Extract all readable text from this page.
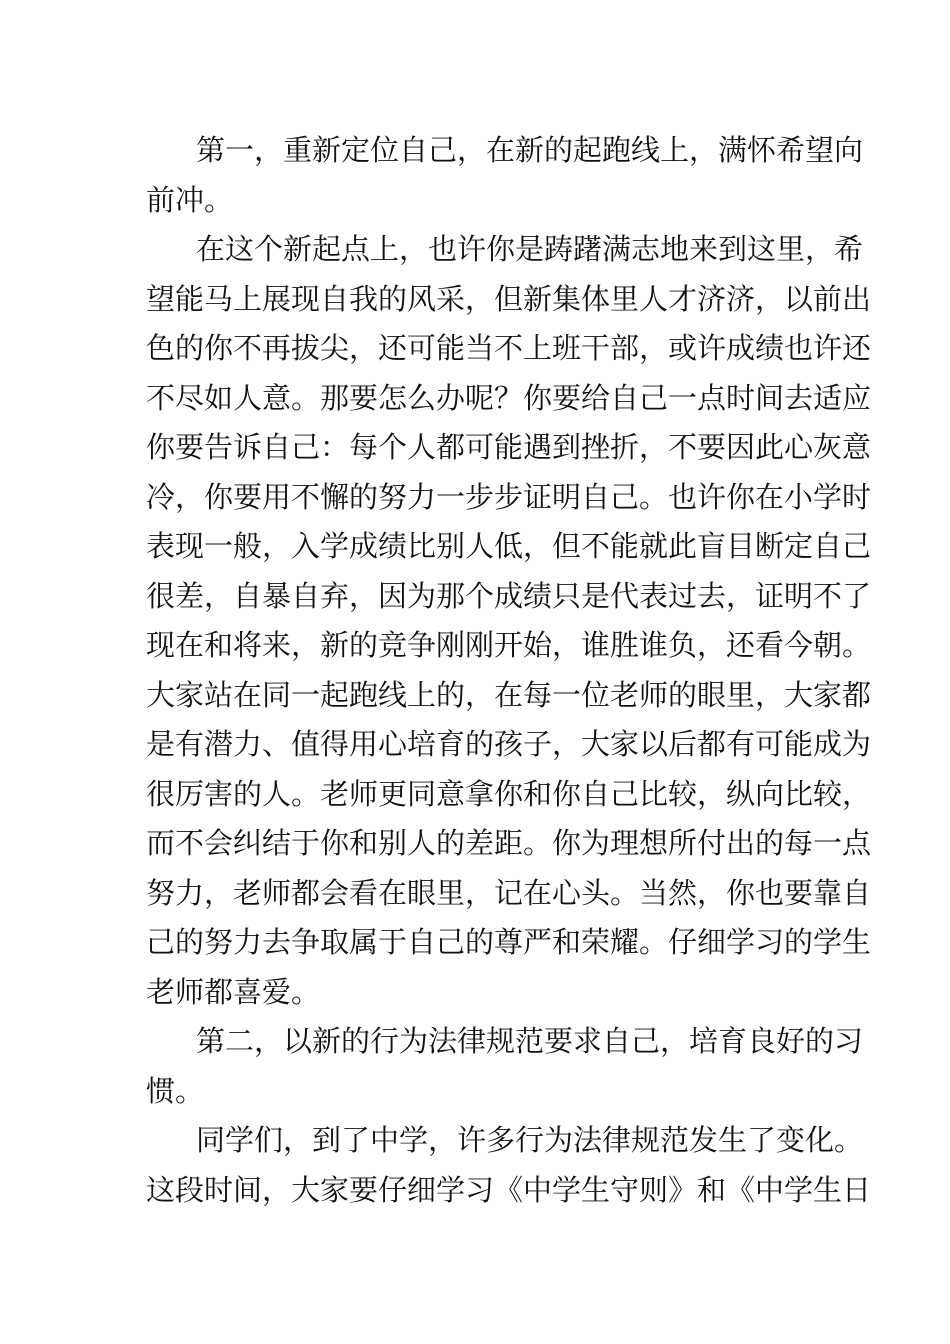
第一，重新定位自己，在新的起跑线上，满怀希望向
前冲。
在这个新起点上，也许你是踌躇满志地来到这里，希
望能马上展现自我的风采，但新集体里人才济济，以前出
色的你不再拔尖，还可能当不上班干部，或许成绩也许还
不尽如人意。那要怎么办呢？你要给自己一点时间去适应
你要告诉自己：每个人都可能遇到挫折，不要因此心灰意
冷，你要用不懈的努力一步步证明自己。也许你在小学时
表现一般，入学成绩比别人低，但不能就此盲目断定自己
很差，自暴自弃，因为那个成绩只是代表过去，证明不了
现在和将来，新的竞争刚刚开始，谁胜谁负，还看今朝。
大家站在同一起跑线上的，在每一位老师的眼里，大家都
是有潜力、值得用心培育的孩子，大家以后都有可能成为
很厉害的人。老师更同意拿你和你自己比较，纵向比较，
而不会纠结于你和别人的差距。你为理想所付出的每一点
努力，老师都会看在眼里，记在心头。当然，你也要靠自
己的努力去争取属于自己的尊严和荣耀。仔细学习的学生
老师都喜爱。
第二，以新的行为法律规范要求自己，培育良好的习
惯。
同学们，到了中学，许多行为法律规范发生了变化。
这段时间，大家要仔细学习《中学生守则》和《中学生日
